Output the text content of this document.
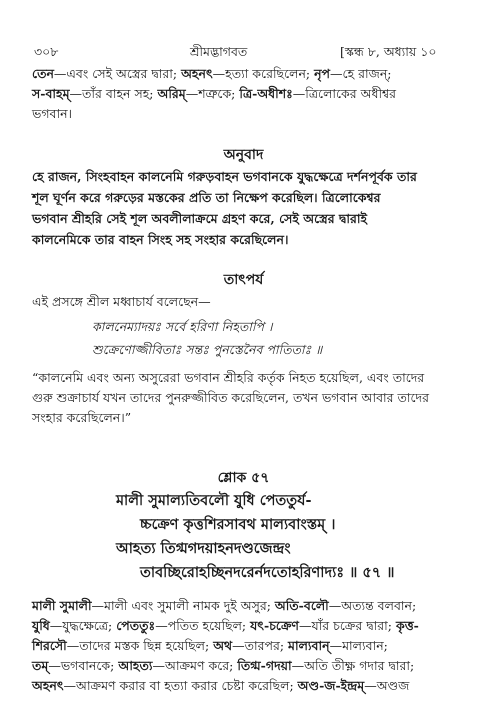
৩০৮	শ্রীমদ্ভাগবত	[স্কন্ধ ৮, অধ্যায় ১০
তেন—এবং সেই অস্ত্রের দ্বারা; অহনৎ—হত্যা করেছিলেন; নৃপ—হে রাজন্‌;
স-বাহম্—তাঁর বাহন সহ; অরিম্—শত্রুকে; ত্রি-অধীশঃ—ত্রিলোকের অধীশ্বর
ভগবান।
অনুবাদ
হে রাজন, সিংহবাহন কালনেমি গরুড়বাহন ভগবানকে যুদ্ধক্ষেত্রে দর্শনপূর্বক তার
শূল ঘূর্ণন করে গরুড়ের মস্তকের প্রতি তা নিক্ষেপ করেছিল। ত্রিলোকেশ্বর
ভগবান শ্রীহরি সেই শূল অবলীলাক্রমে গ্রহণ করে, সেই অস্ত্রের দ্বারাই
কালনেমিকে তার বাহন সিংহ সহ সংহার করেছিলেন।
তাৎপর্য
এই প্রসঙ্গে শ্রীল মধ্বাচার্য বলেছেন—
কালনেম্যাদয়ঃ সর্বে হরিণা নিহতাপি ।
শুক্রেণোজ্জীবিতাঃ সন্তঃ পুনস্তেনৈব পাতিতাঃ ॥
“কালনেমি এবং অন্য অসুরেরা ভগবান শ্রীহরি কর্তৃক নিহত হয়েছিল, এবং তাদের
গুরু শুক্রাচার্য যখন তাদের পুনরুজ্জীবিত করেছিলেন, তখন ভগবান আবার তাদের
সংহার করেছিলেন।”
শ্লোক ৫৭
মালী সুমাল্যতিবলৌ যুধি পেততুর্য-
চ্চক্রেণ কৃত্তশিরসাবথ মাল্যবাংস্তম্ ।
আহত্য তিগ্মগদয়াহনদণ্ডজেন্দ্রং
তাবচ্ছিরোহচ্ছিনদরের্নদতোহরিণাদ্যঃ ॥ ৫৭ ॥
মালী সুমালী—মালী এবং সুমালী নামক দুই অসুর; অতি-বলৌ—অত্যন্ত বলবান;
যুধি—যুদ্ধক্ষেত্রে; পেততুঃ—পতিত হয়েছিল; যৎ-চক্রেণ—যাঁর চক্রের দ্বারা; কৃত্ত-
শিরসৌ—তাদের মস্তক ছিন্ন হয়েছিল; অথ—তারপর; মাল্যবান্—মাল্যবান;
তম্—ভগবানকে; আহত্য—আক্রমণ করে; তিগ্ম-গদয়া—অতি তীক্ষ্ণ গদার দ্বারা;
অহনৎ—আক্রমণ করার বা হত্যা করার চেষ্টা করেছিল; অণ্ড-জ-ইন্দ্রম্—অণ্ডজ
